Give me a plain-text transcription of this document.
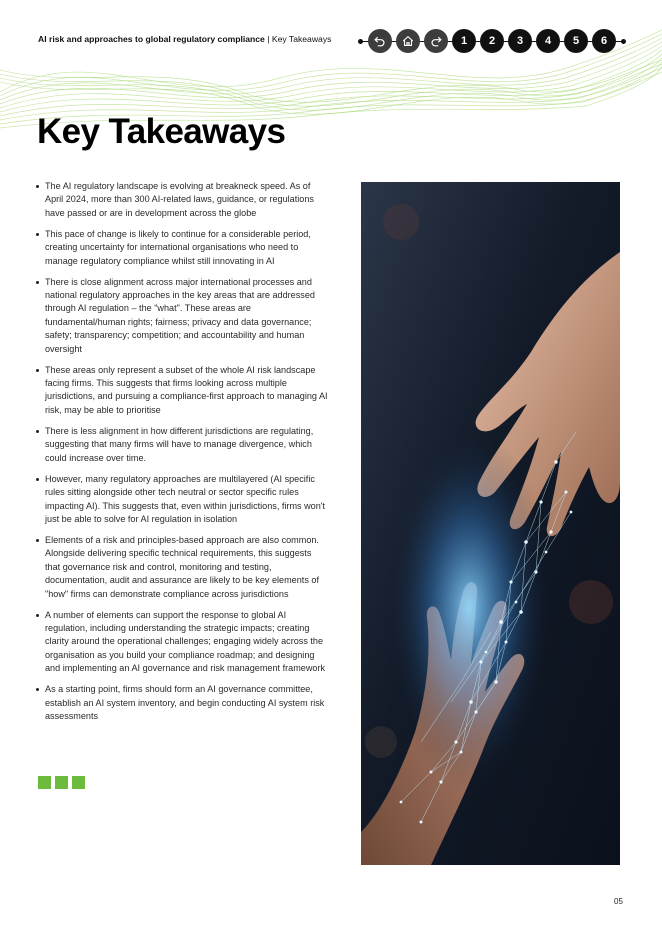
AI risk and approaches to global regulatory compliance | Key Takeaways	1	2	3	4	5	6
Key Takeaways
The AI regulatory landscape is evolving at breakneck speed. As of April 2024, more than 300 AI-related laws, guidance, or regulations have passed or are in development across the globe
This pace of change is likely to continue for a considerable period, creating uncertainty for international organisations who need to manage regulatory compliance whilst still innovating in AI
There is close alignment across major international processes and national regulatory approaches in the key areas that are addressed through AI regulation – the "what". These areas are fundamental/human rights; fairness; privacy and data governance; safety; transparency; competition; and accountability and human oversight
These areas only represent a subset of the whole AI risk landscape facing firms. This suggests that firms looking across multiple jurisdictions, and pursuing a compliance-first approach to managing AI risk, may be able to prioritise
There is less alignment in how different jurisdictions are regulating, suggesting that many firms will have to manage divergence, which could increase over time.
However, many regulatory approaches are multilayered (AI specific rules sitting alongside other tech neutral or sector specific rules impacting AI). This suggests that, even within jurisdictions, firms won't just be able to solve for AI regulation in isolation
Elements of a risk and principles-based approach are also common. Alongside delivering specific technical requirements, this suggests that governance risk and control, monitoring and testing, documentation, audit and assurance are likely to be key elements of "how" firms can demonstrate compliance across jurisdictions
A number of elements can support the response to global AI regulation, including understanding the strategic impacts; creating clarity around the operational challenges; engaging widely across the organisation as you build your compliance roadmap; and designing and implementing an AI governance and risk management framework
As a starting point, firms should form an AI governance committee, establish an AI system inventory, and begin conducting AI system risk assessments
05
